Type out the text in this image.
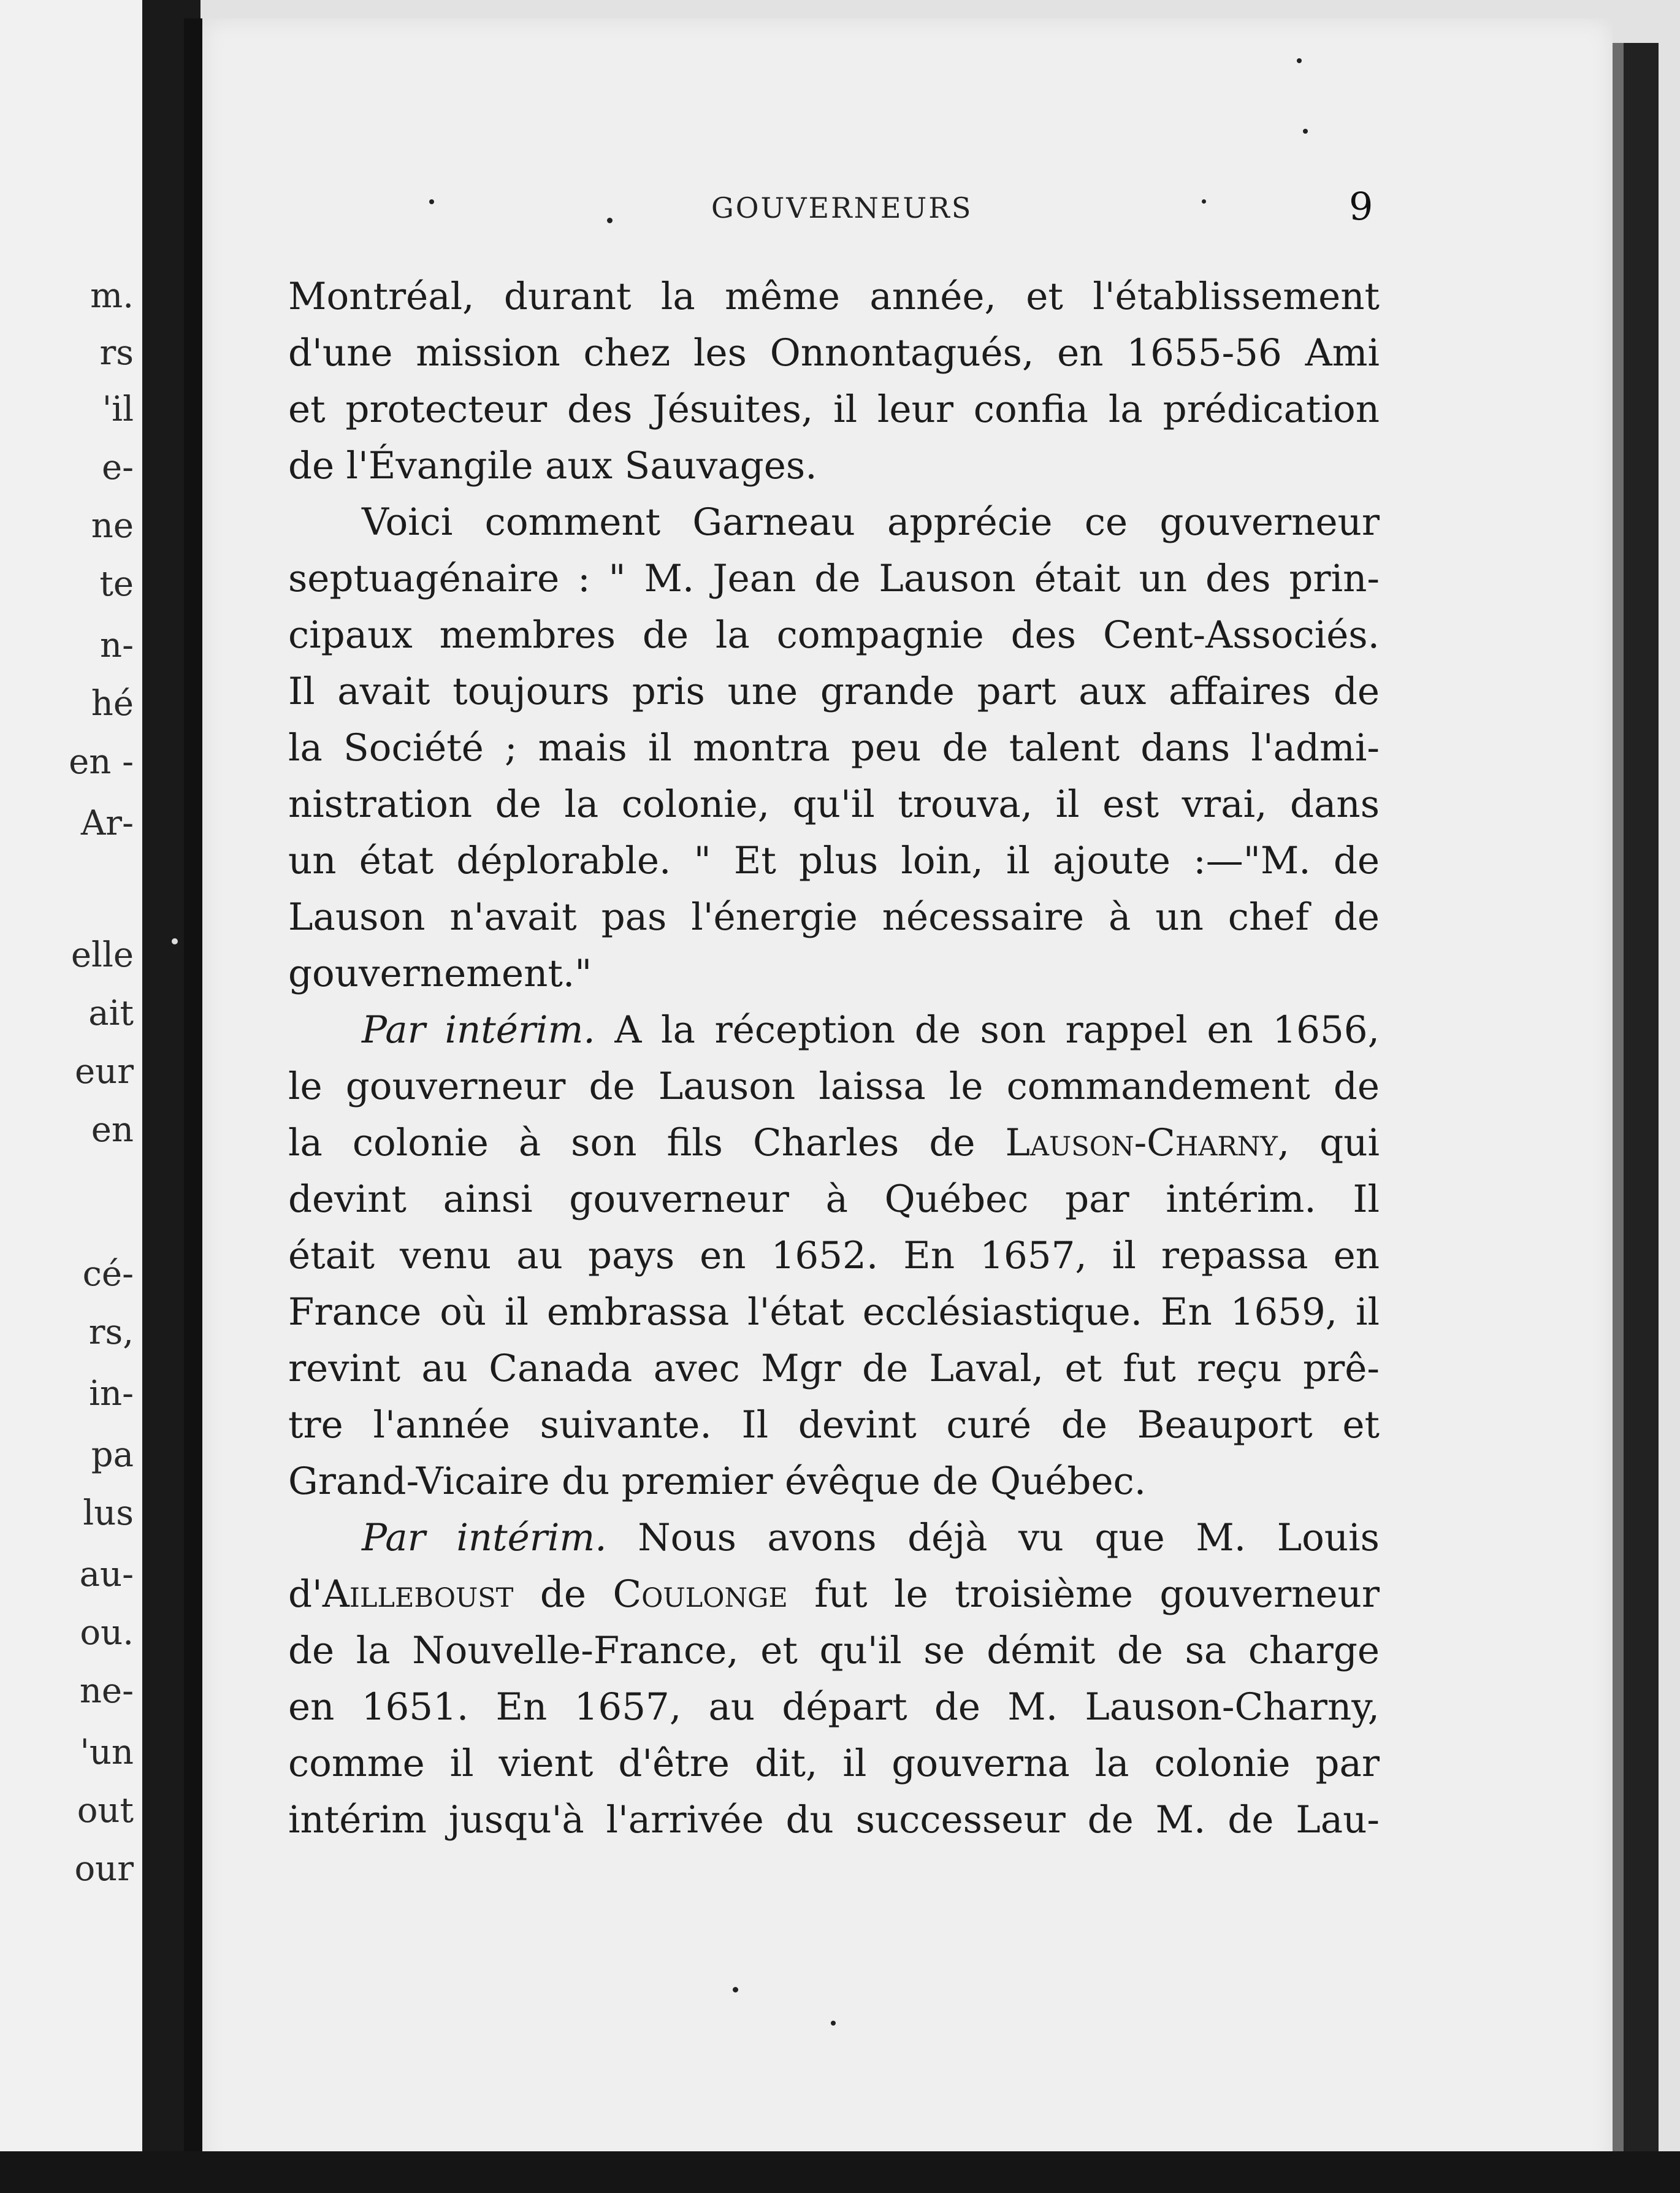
m.
rs
'il
e-
ne
te
n-
hé
en -
Ar-
elle
ait
eur
en
cé-
rs,
in-
pa
lus
au-
ou.
ne-
'un
out
our
GOUVERNEURS	9
Montréal, durant la même année, et l'établissement
d'une mission chez les Onnontagués, en 1655-56 Ami
et protecteur des Jésuites, il leur confia la prédication
de l'Évangile aux Sauvages.
Voici comment Garneau apprécie ce gouverneur
septuagénaire : " M. Jean de Lauson était un des prin-
cipaux membres de la compagnie des Cent-Associés.
Il avait toujours pris une grande part aux affaires de
la Société ; mais il montra peu de talent dans l'admi-
nistration de la colonie, qu'il trouva, il est vrai, dans
un état déplorable. " Et plus loin, il ajoute :—"M. de
Lauson n'avait pas l'énergie nécessaire à un chef de
gouvernement."
Par intérim. A la réception de son rappel en 1656,
le gouverneur de Lauson laissa le commandement de
la colonie à son fils Charles de Lauson-Charny, qui
devint ainsi gouverneur à Québec par intérim. Il
était venu au pays en 1652. En 1657, il repassa en
France où il embrassa l'état ecclésiastique. En 1659, il
revint au Canada avec Mgr de Laval, et fut reçu prê-
tre l'année suivante. Il devint curé de Beauport et
Grand-Vicaire du premier évêque de Québec.
Par intérim. Nous avons déjà vu que M. Louis
d'Ailleboust de Coulonge fut le troisième gouverneur
de la Nouvelle-France, et qu'il se démit de sa charge
en 1651. En 1657, au départ de M. Lauson-Charny,
comme il vient d'être dit, il gouverna la colonie par
intérim jusqu'à l'arrivée du successeur de M. de Lau-
